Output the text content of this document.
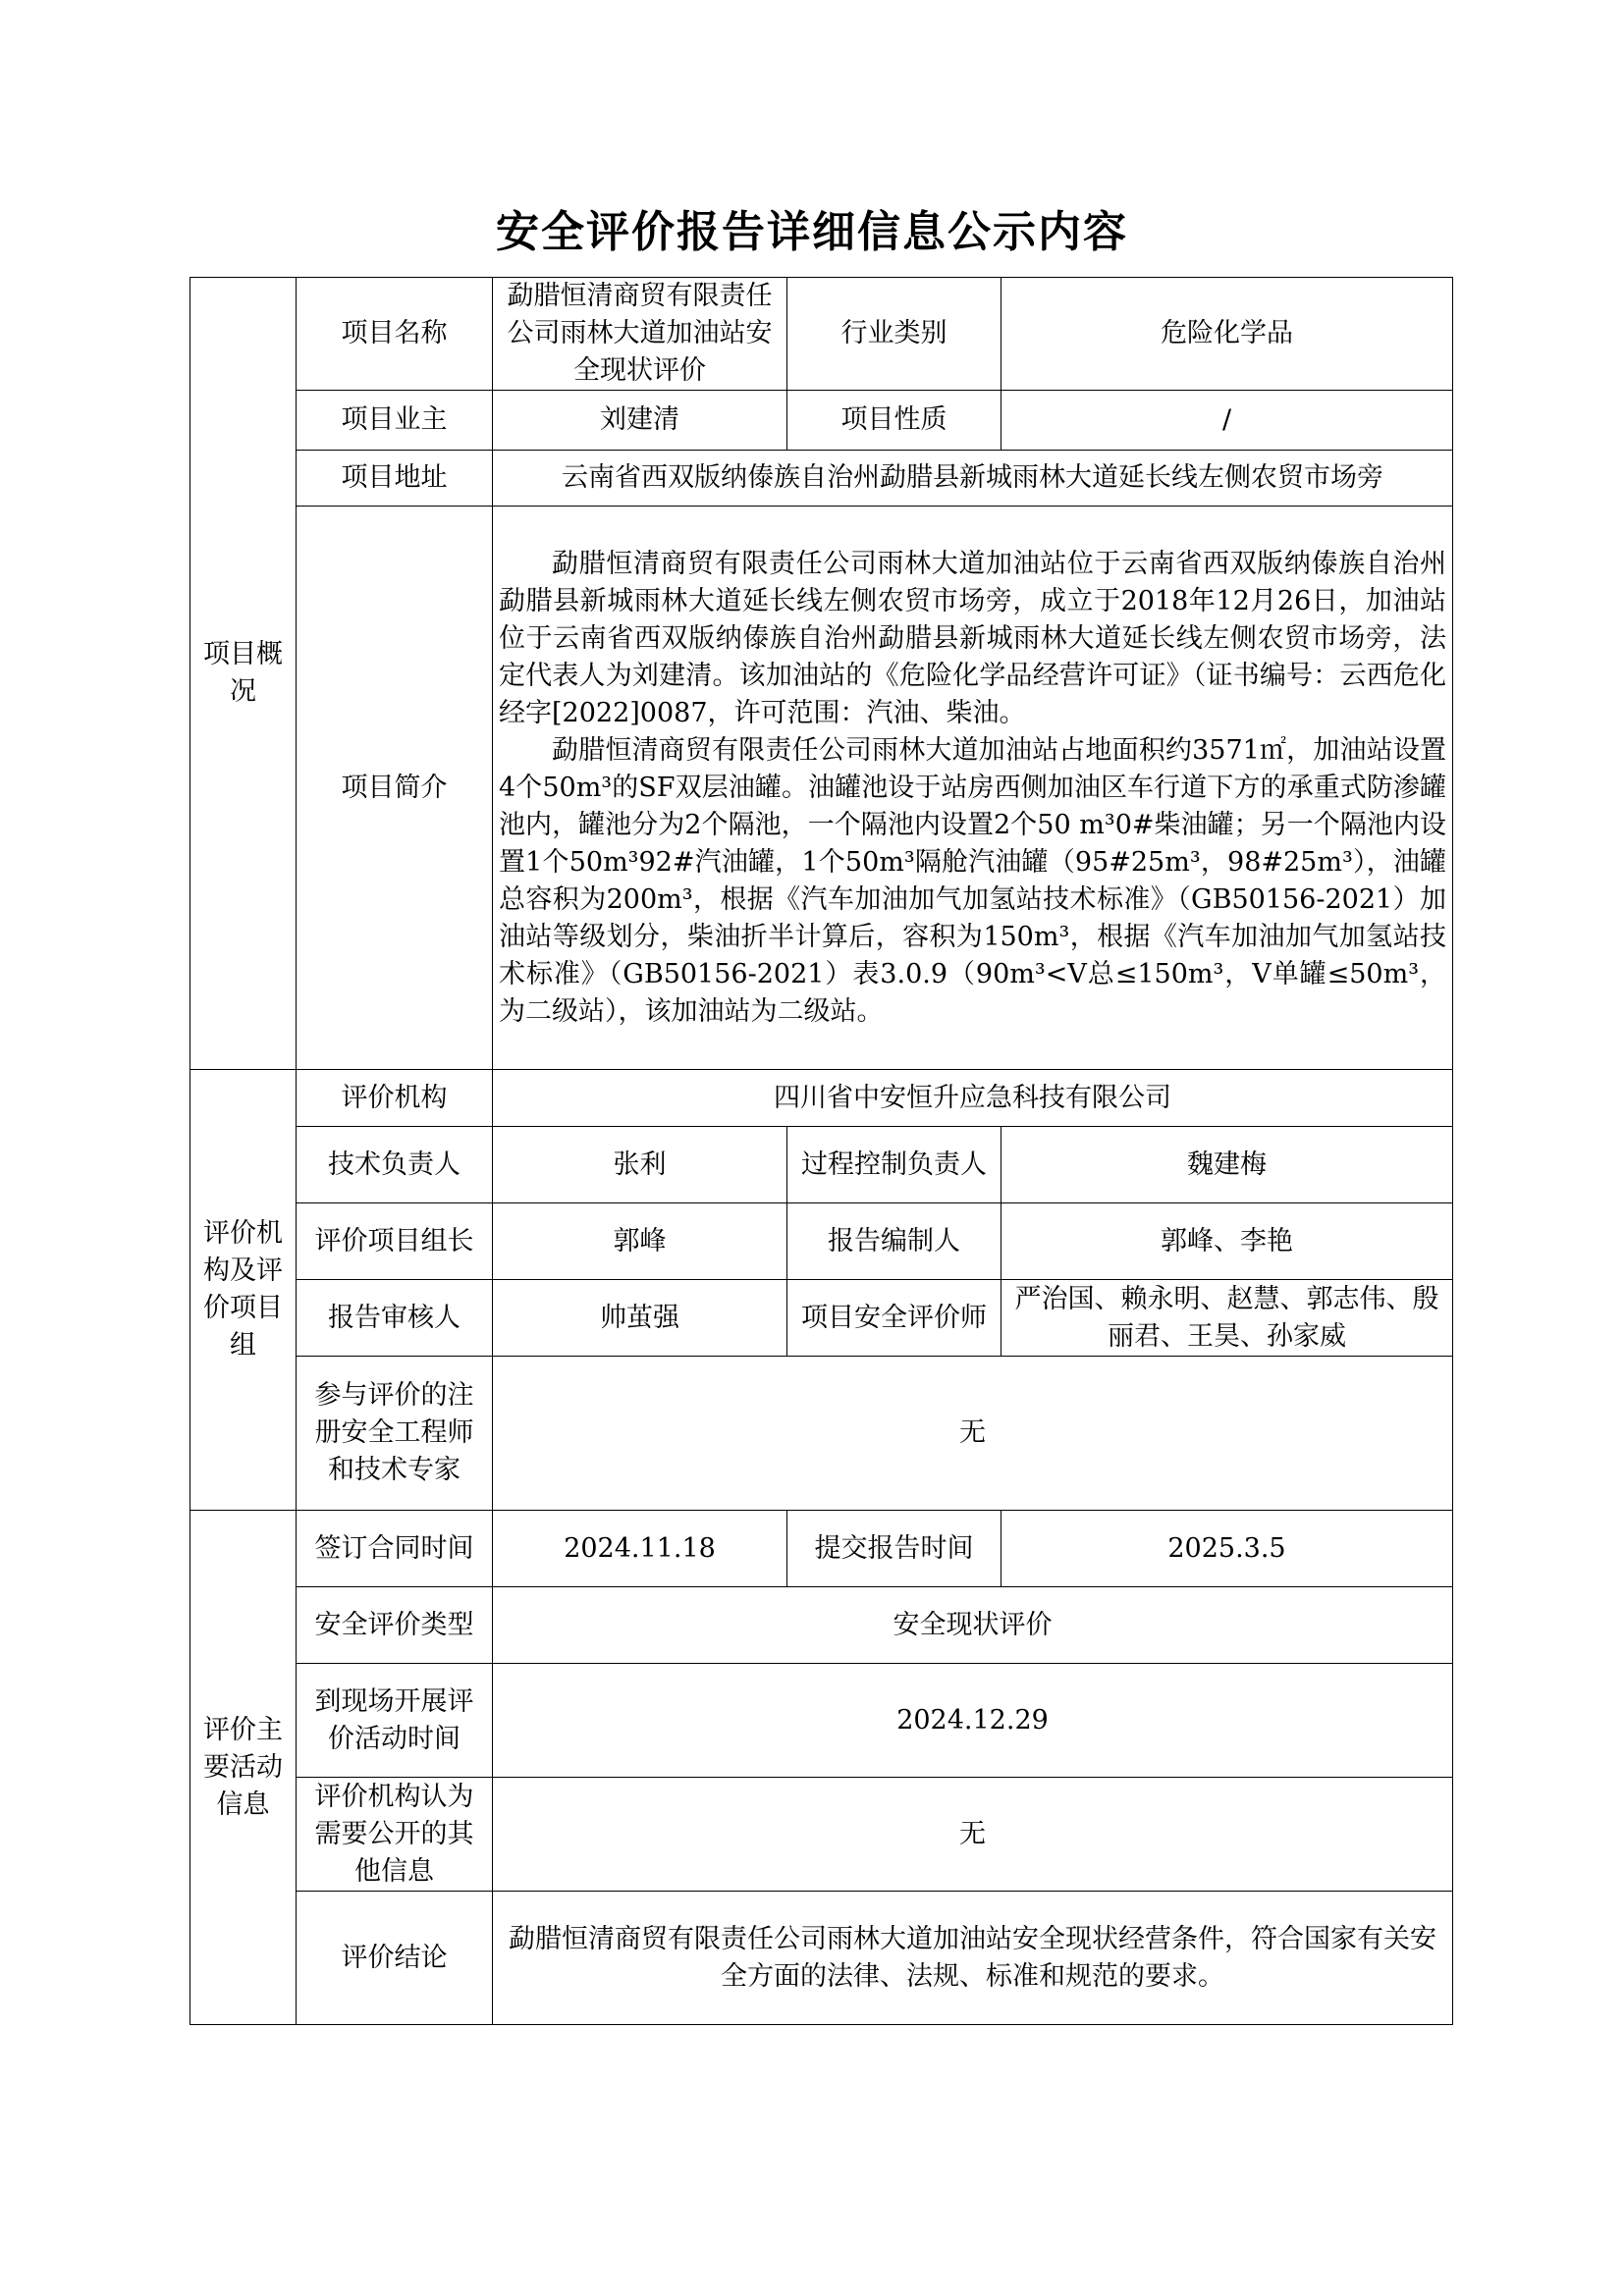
安全评价报告详细信息公示内容
项目概况	项目名称	勐腊恒清商贸有限责任公司雨林大道加油站安全现状评价	行业类别	危险化学品
	项目业主	刘建清	项目性质	/
	项目地址	云南省西双版纳傣族自治州勐腊县新城雨林大道延长线左侧农贸市场旁		
	项目简介	勐腊恒清商贸有限责任公司雨林大道加油站位于云南省西双版纳傣族自治州勐腊县新城雨林大道延长线左侧农贸市场旁，成立于2018年12月26日，加油站位于云南省西双版纳傣族自治州勐腊县新城雨林大道延长线左侧农贸市场旁，法定代表人为刘建清。该加油站的《危险化学品经营许可证》（证书编号：云西危化经字[2022]0087，许可范围：汽油、柴油。

勐腊恒清商贸有限责任公司雨林大道加油站占地面积约3571㎡，加油站设置4个50m³的SF双层油罐。油罐池设于站房西侧加油区车行道下方的承重式防渗罐池内，罐池分为2个隔池，一个隔池内设置2个50 m³0#柴油罐；另一个隔池内设置1个50m³92#汽油罐，1个50m³隔舱汽油罐（95#25m³，98#25m³），油罐总容积为200m³，根据《汽车加油加气加氢站技术标准》（GB50156-2021）加油站等级划分，柴油折半计算后，容积为150m³，根据《汽车加油加气加氢站技术标准》（GB50156-2021）表3.0.9（90m³<V总≤150m³，V单罐≤50m³，为二级站），该加油站为二级站。		

评价机构及评价项目组	评价机构	四川省中安恒升应急科技有限公司		
	技术负责人	张利	过程控制负责人	魏建梅
	评价项目组长	郭峰	报告编制人	郭峰、李艳
	报告审核人	帅茧强	项目安全评价师	严治国、赖永明、赵慧、郭志伟、殷丽君、王昊、孙家威
	参与评价的注册安全工程师和技术专家	无		
评价主要活动信息	签订合同时间	2024.11.18	提交报告时间	2025.3.5
	安全评价类型	安全现状评价		
	到现场开展评价活动时间	2024.12.29		
	评价机构认为需要公开的其他信息	无		
	评价结论	勐腊恒清商贸有限责任公司雨林大道加油站安全现状经营条件，符合国家有关安全方面的法律、法规、标准和规范的要求。		
